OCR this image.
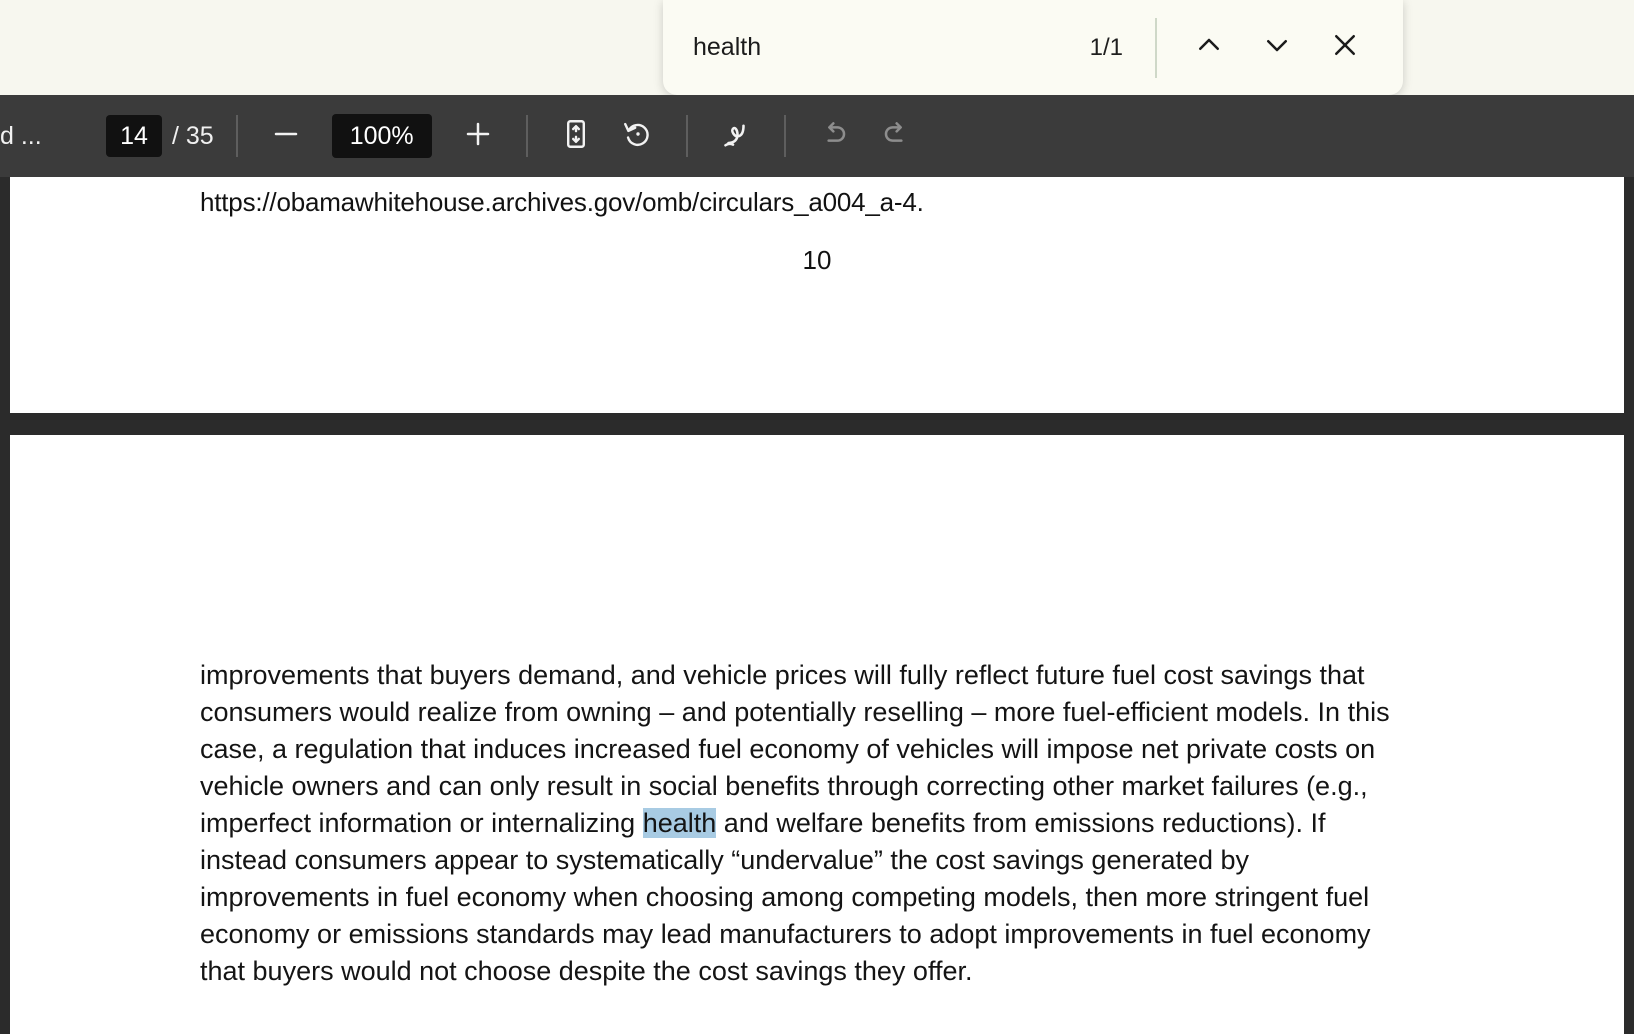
health
1/1
d ...
14	/ 35	100%
https://obamawhitehouse.archives.gov/omb/circulars_a004_a-4.
10

improvements that buyers demand, and vehicle prices will fully reflect future fuel cost savings that consumers would realize from owning – and potentially reselling – more fuel-efficient models. In this case, a regulation that induces increased fuel economy of vehicles will impose net private costs on vehicle owners and can only result in social benefits through correcting other market failures (e.g., imperfect information or internalizing health and welfare benefits from emissions reductions). If instead consumers appear to systematically “undervalue” the cost savings generated by improvements in fuel economy when choosing among competing models, then more stringent fuel economy or emissions standards may lead manufacturers to adopt improvements in fuel economy that buyers would not choose despite the cost savings they offer.
